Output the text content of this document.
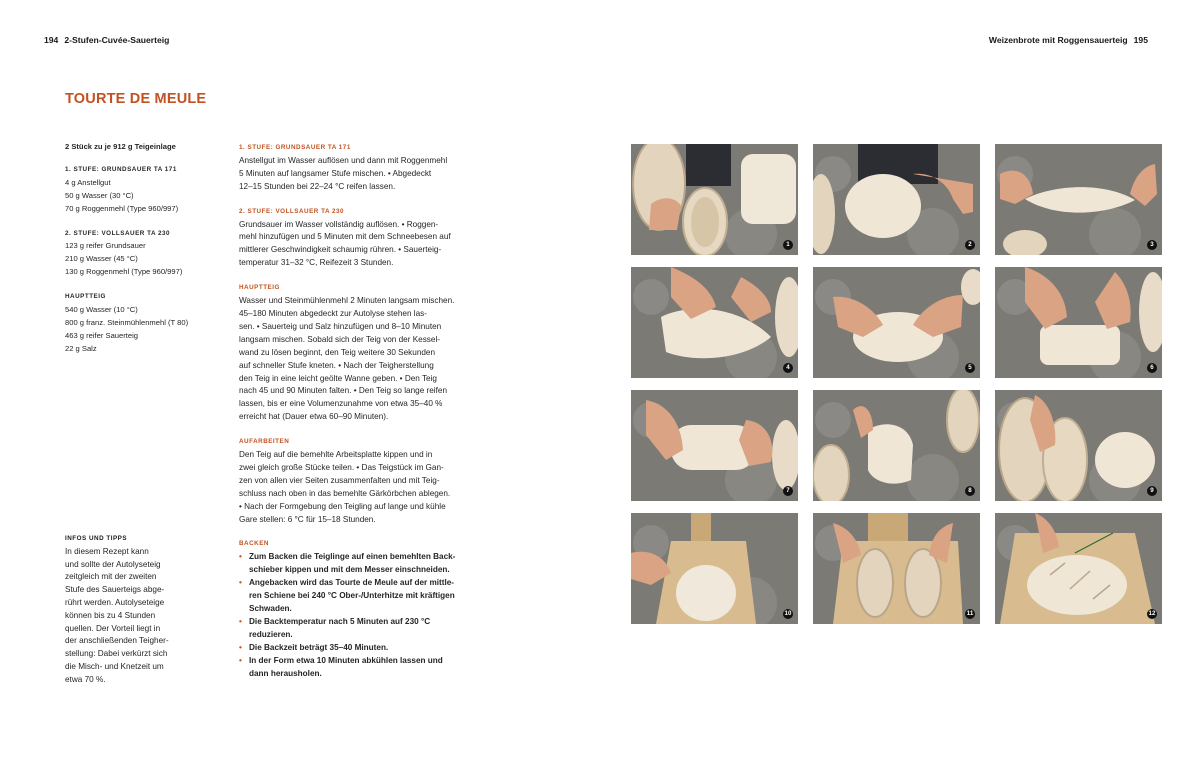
194 2-Stufen-Cuvée-Sauerteig	Weizenbrote mit Roggensauerteig 195
TOURTE DE MEULE
2 Stück zu je 912 g Teigeinlage
1. STUFE: GRUNDSAUER TA 171
4 g Anstellgut
50 g Wasser (30 °C)
70 g Roggenmehl (Type 960/997)
2. STUFE: VOLLSAUER TA 230
123 g reifer Grundsauer
210 g Wasser (45 °C)
130 g Roggenmehl (Type 960/997)
HAUPTTEIG
540 g Wasser (10 °C)
800 g franz. Steinmühlenmehl (T 80)
463 g reifer Sauerteig
22 g Salz
INFOS UND TIPPS
In diesem Rezept kann
und sollte der Autolyseteig
zeitgleich mit der zweiten
Stufe des Sauerteigs abge-
rührt werden. Autolyseteige
können bis zu 4 Stunden
quellen. Der Vorteil liegt in
der anschließenden Teigher-
stellung: Dabei verkürzt sich
die Misch- und Knetzeit um
etwa 70 %.
1. STUFE: GRUNDSAUER TA 171

Anstellgut im Wasser auflösen und dann mit Roggenmehl
5 Minuten auf langsamer Stufe mischen. • Abgedeckt
12–15 Stunden bei 22–24 °C reifen lassen.

2. STUFE: VOLLSAUER TA 230

Grundsauer im Wasser vollständig auflösen. • Roggen-
mehl hinzufügen und 5 Minuten mit dem Schneebesen auf
mittlerer Geschwindigkeit schaumig rühren. • Sauerteig-
temperatur 31–32 °C, Reifezeit 3 Stunden.

HAUPTTEIG

Wasser und Steinmühlenmehl 2 Minuten langsam mischen.
45–180 Minuten abgedeckt zur Autolyse stehen las-
sen. • Sauerteig und Salz hinzufügen und 8–10 Minuten
langsam mischen. Sobald sich der Teig von der Kessel-
wand zu lösen beginnt, den Teig weitere 30 Sekunden
auf schneller Stufe kneten. • Nach der Teigherstellung
den Teig in eine leicht geölte Wanne geben. • Den Teig
nach 45 und 90 Minuten falten. • Den Teig so lange reifen
lassen, bis er eine Volumenzunahme von etwa 35–40 %
erreicht hat (Dauer etwa 60–90 Minuten).

AUFARBEITEN

Den Teig auf die bemehlte Arbeitsplatte kippen und in
zwei gleich große Stücke teilen. • Das Teigstück im Gan-
zen von allen vier Seiten zusammenfalten und mit Teig-
schluss nach oben in das bemehlte Gärkörbchen ablegen.
• Nach der Formgebung den Teigling auf lange und kühle
Gare stellen: 6 °C für 15–18 Stunden.

BACKEN
• Zum Backen die Teiglinge auf einen bemehlten Back-
schieber kippen und mit dem Messer einschneiden.
• Angebacken wird das Tourte de Meule auf der mittle-
ren Schiene bei 240 °C Ober-/Unterhitze mit kräftigen
Schwaden.
• Die Backtemperatur nach 5 Minuten auf 230 °C
reduzieren.
• Die Backzeit beträgt 35–40 Minuten.
• In der Form etwa 10 Minuten abkühlen lassen und
dann herausholen.
1	2	3
4	5	6
7	8	9
10	11	12
